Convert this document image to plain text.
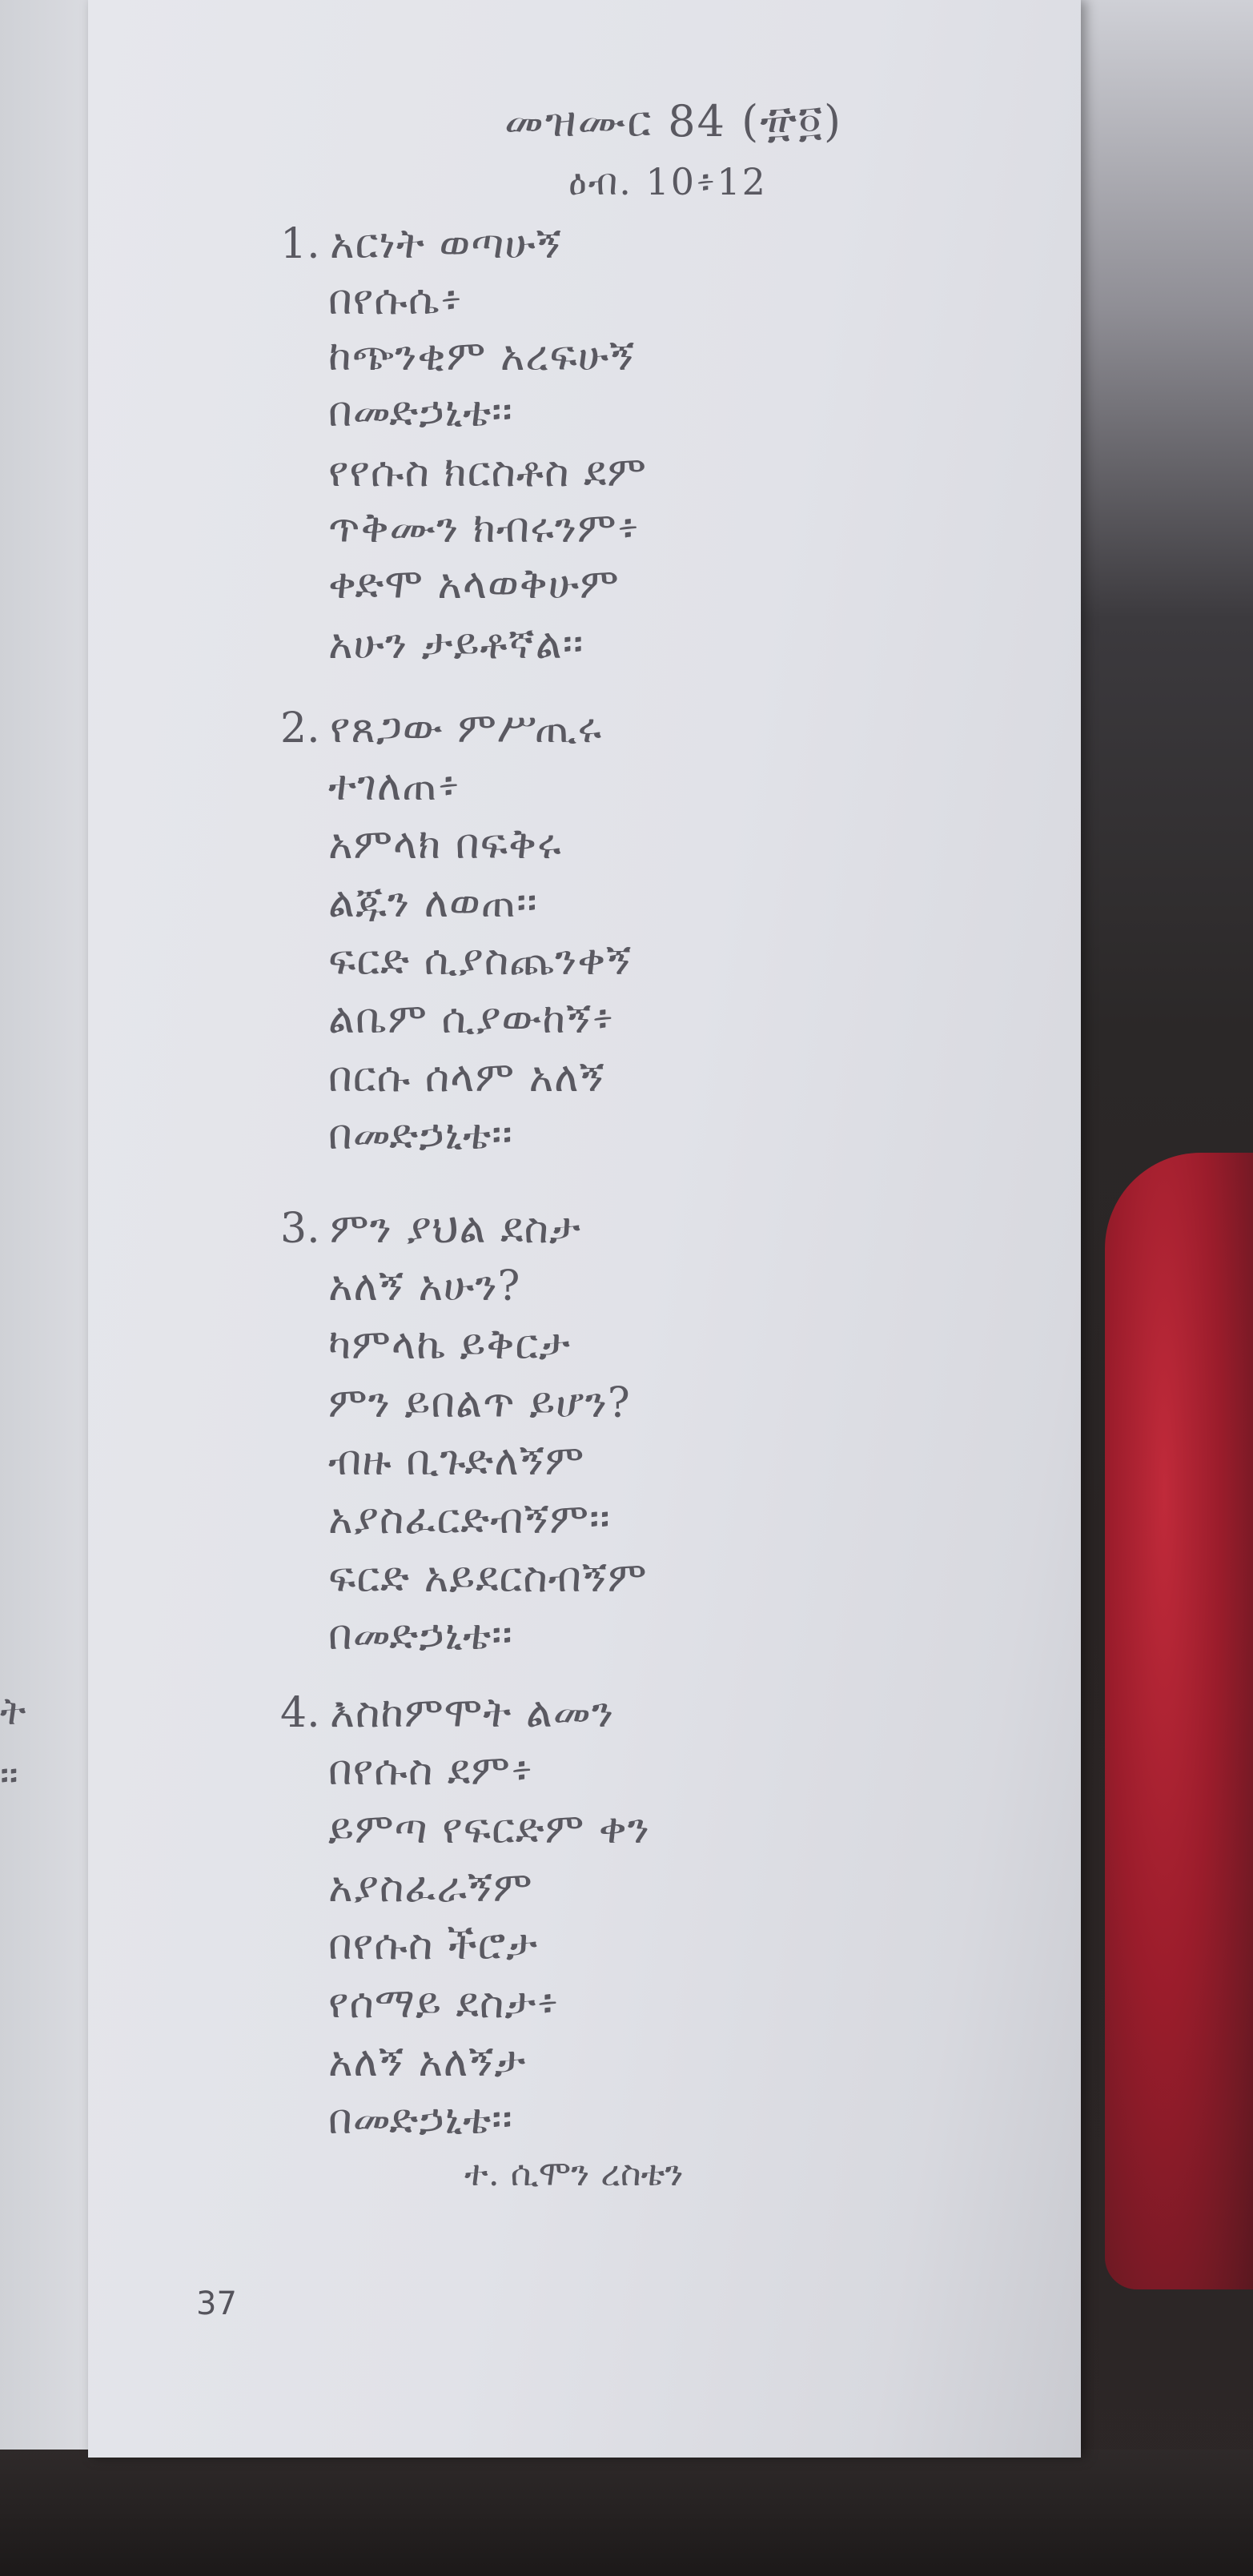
ት
፡፡
መዝሙር 84 (፹፬)
ዕብ. 10፥12
1. አርነት ወጣሁኝ
በየሱሴ፥
ከጭንቂም አረፍሁኝ
በመድኃኒቴ፡፡
የየሱስ ክርስቶስ ደም
ጥቅሙን ክብሩንም፥
ቀድሞ አላወቅሁም
አሁን ታይቶኛል፡፡
2. የጸጋው ምሥጢሩ
ተገለጠ፥
አምላክ በፍቅሩ
ልጁን ለወጠ፡፡
ፍርድ ሲያስጨንቀኝ
ልቤም ሲያውከኝ፥
በርሱ ሰላም አለኝ
በመድኃኒቴ፡፡
3. ምን ያህል ደስታ
አለኝ አሁን?
ካምላኬ ይቅርታ
ምን ይበልጥ ይሆን?
ብዙ ቢጉድለኝም
አያስፈርድብኝም፡፡
ፍርድ አይደርስብኝም
በመድኃኒቴ፡፡
4. እስከምሞት ልመን
በየሱስ ደም፥
ይምጣ የፍርድም ቀን
አያስፈራኝም
በየሱስ ችሮታ
የሰማይ ደስታ፥
አለኝ አለኝታ
በመድኃኒቴ፡፡
ተ. ሲሞን ረስቴን
37
